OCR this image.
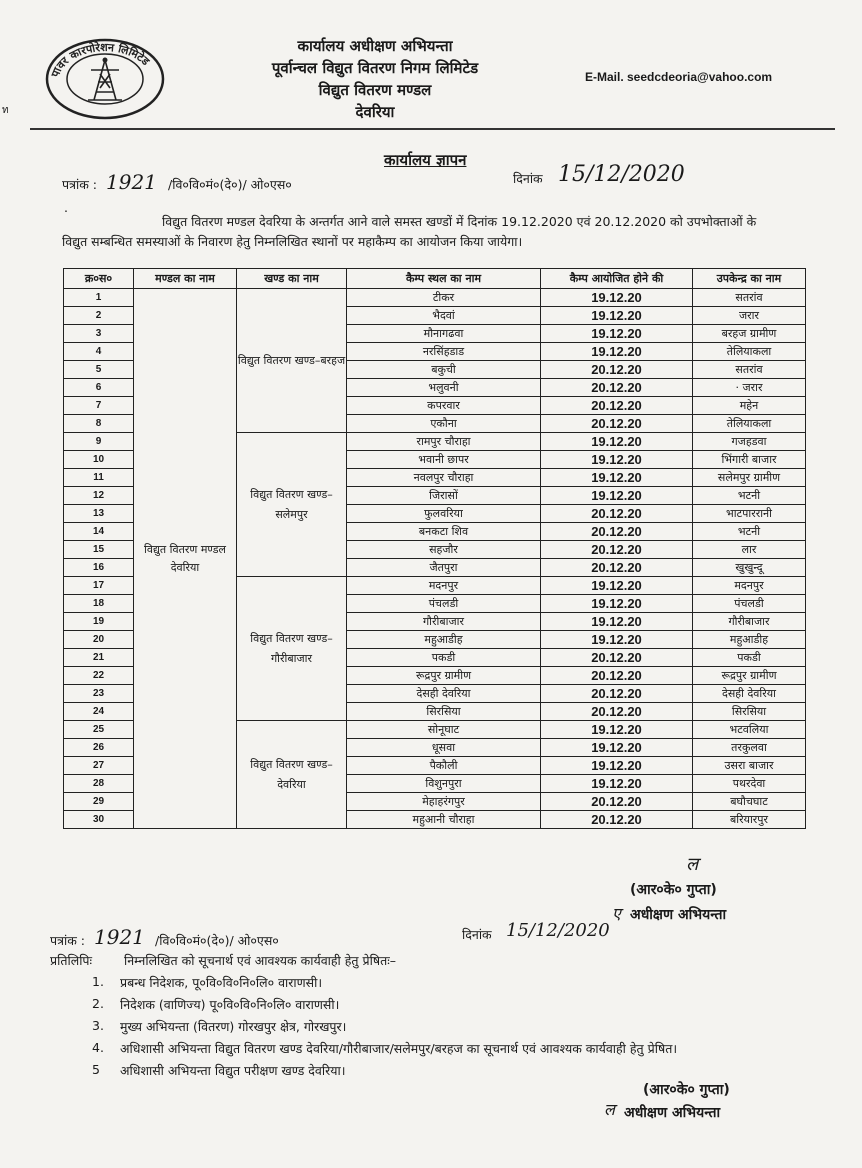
पावर कारपोरेशन लिमिटेड
ท
कार्यालय अधीक्षण अभियन्ता
पूर्वान्चल विद्युत वितरण निगम लिमिटेड
विद्युत वितरण मण्डल
देवरिया
E-Mail. seedcdeoria@vahoo.com
कार्यालय ज्ञापन
पत्रांक : 1921 /वि०वि०मं०(दे०)/ ओ०एस०	दिनांक 15/12/2020
.
विद्युत वितरण मण्डल देवरिया के अन्तर्गत आने वाले समस्त खण्डों में दिनांक 19.12.2020 एवं 20.12.2020 को उपभोक्ताओं के
विद्युत सम्बन्धित समस्याओं के निवारण हेतु निम्नलिखित स्थानों पर महाकैम्प का आयोजन किया जायेगा।
क्र०स०	मण्डल का नाम	खण्ड का नाम	कैम्प स्थल का नाम	कैम्प आयोजित होने की	उपकेन्द्र का नाम
1	विद्युत वितरण मण्डल देवरिया	विद्युत वितरण खण्ड–बरहज	टीकर	19.12.20	सतरांव
2			भैदवां	19.12.20	जरार
3			मौनागढवा	19.12.20	बरहज ग्रामीण
4			नरसिंहडाड	19.12.20	तेलियाकला
5			बकुची	20.12.20	सतरांव
6			भलुवनी	20.12.20	· जरार
7			कपरवार	20.12.20	महेन
8			एकौना	20.12.20	तेलियाकला
9		विद्युत वितरण खण्ड–सलेमपुर	रामपुर चौराहा	19.12.20	गजहडवा
10			भवानी छापर	19.12.20	भिंगारी बाजार
11			नवलपुर चौराहा	19.12.20	सलेमपुर ग्रामीण
12			जिरासों	19.12.20	भटनी
13			फुलवरिया	20.12.20	भाटपाररानी
14			बनकटा शिव	20.12.20	भटनी
15			सहजौर	20.12.20	लार
16			जैतपुरा	20.12.20	खुखुन्दू
17		विद्युत वितरण खण्ड–गौरीबाजार	मदनपुर	19.12.20	मदनपुर
18			पंचलडी	19.12.20	पंचलडी
19			गौरीबाजार	19.12.20	गौरीबाजार
20			महुआडीह	19.12.20	महुआडीह
21			पकडी	20.12.20	पकडी
22			रूद्रपुर ग्रामीण	20.12.20	रूद्रपुर ग्रामीण
23			देसही देवरिया	20.12.20	देसही देवरिया
24			सिरसिया	20.12.20	सिरसिया
25		विद्युत वितरण खण्ड–देवरिया	सोनूघाट	19.12.20	भटवलिया
26			धूसवा	19.12.20	तरकुलवा
27			पैकौली	19.12.20	उसरा बाजार
28			विशुनपुरा	19.12.20	पथरदेवा
29			मेहाहरंगपुर	20.12.20	बघौचघाट
30			महुआनी चौराहा	20.12.20	बरियारपुर
ल
(आर०के० गुप्ता)
ए अधीक्षण अभियन्ता
पत्रांक : 1921 /वि०वि०मं०(दे०)/ ओ०एस०	दिनांक 15/12/2020
प्रतिलिपिः	निम्नलिखित को सूचनार्थ एवं आवश्यक कार्यवाही हेतु प्रेषितः–
1.	प्रबन्ध निदेशक, पू०वि०वि०नि०लि० वाराणसी।
2.	निदेशक (वाणिज्य) पू०वि०वि०नि०लि० वाराणसी।
3.	मुख्य अभियन्ता (वितरण) गोरखपुर क्षेत्र, गोरखपुर।
4.	अधिशासी अभियन्ता विद्युत वितरण खण्ड देवरिया/गौरीबाजार/सलेमपुर/बरहज का सूचनार्थ एवं आवश्यक कार्यवाही हेतु प्रेषित।
5	अधिशासी अभियन्ता विद्युत परीक्षण खण्ड देवरिया।
(आर०के० गुप्ता)
ल अधीक्षण अभियन्ता
